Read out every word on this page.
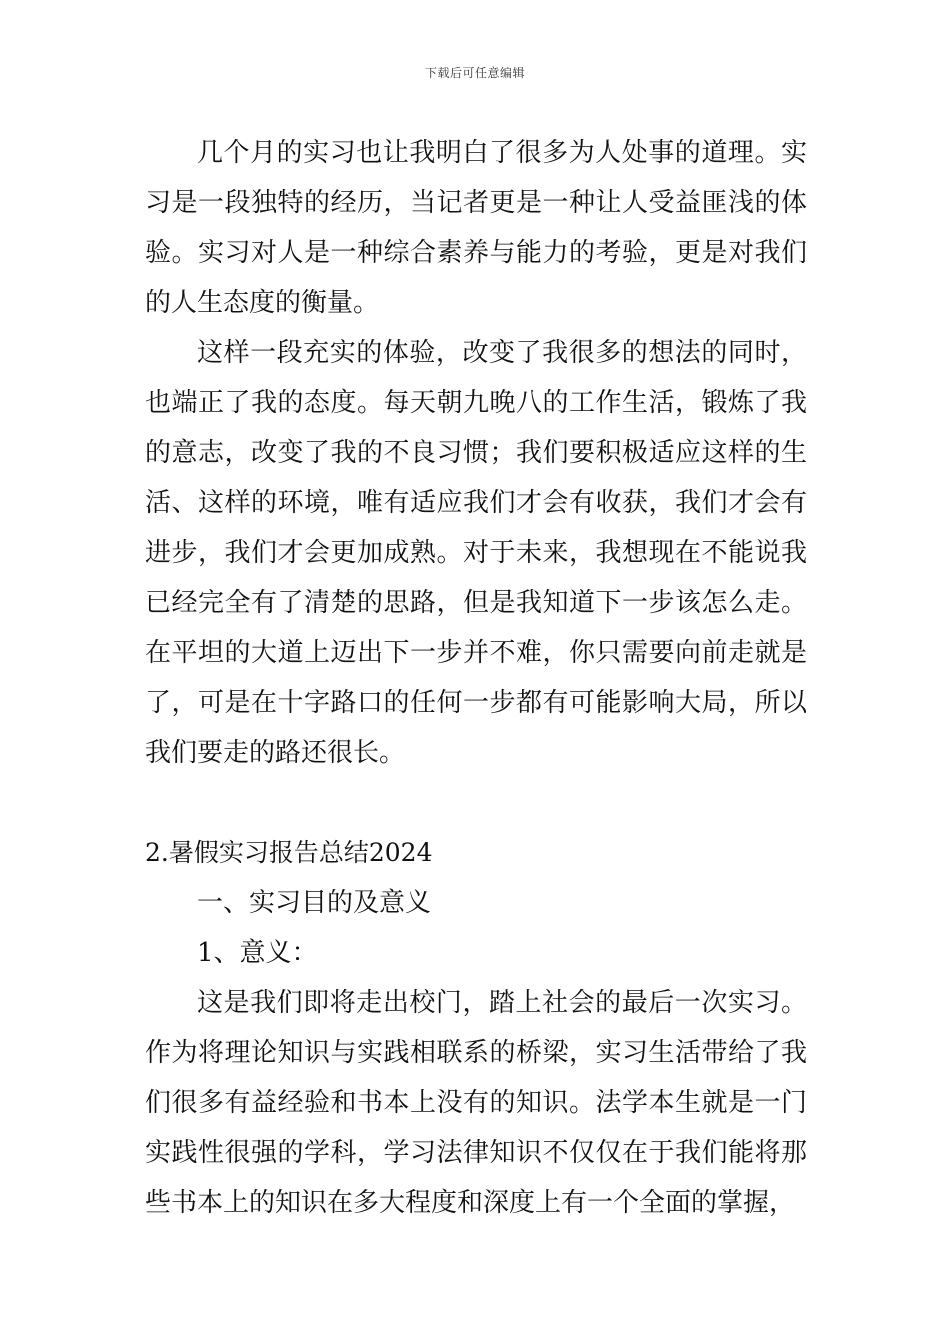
下载后可任意编辑

几个月的实习也让我明白了很多为人处事的道理。实习是一段独特的经历，当记者更是一种让人受益匪浅的体验。实习对人是一种综合素养与能力的考验，更是对我们的人生态度的衡量。

这样一段充实的体验，改变了我很多的想法的同时，也端正了我的态度。每天朝九晚八的工作生活，锻炼了我的意志，改变了我的不良习惯；我们要积极适应这样的生活、这样的环境，唯有适应我们才会有收获，我们才会有进步，我们才会更加成熟。对于未来，我想现在不能说我已经完全有了清楚的思路，但是我知道下一步该怎么走。在平坦的大道上迈出下一步并不难，你只需要向前走就是了，可是在十字路口的任何一步都有可能影响大局，所以我们要走的路还很长。

2.暑假实习报告总结2024

一、实习目的及意义

1、意义：

这是我们即将走出校门，踏上社会的最后一次实习。作为将理论知识与实践相联系的桥梁，实习生活带给了我们很多有益经验和书本上没有的知识。法学本生就是一门实践性很强的学科，学习法律知识不仅仅在于我们能将那些书本上的知识在多大程度和深度上有一个全面的掌握，
